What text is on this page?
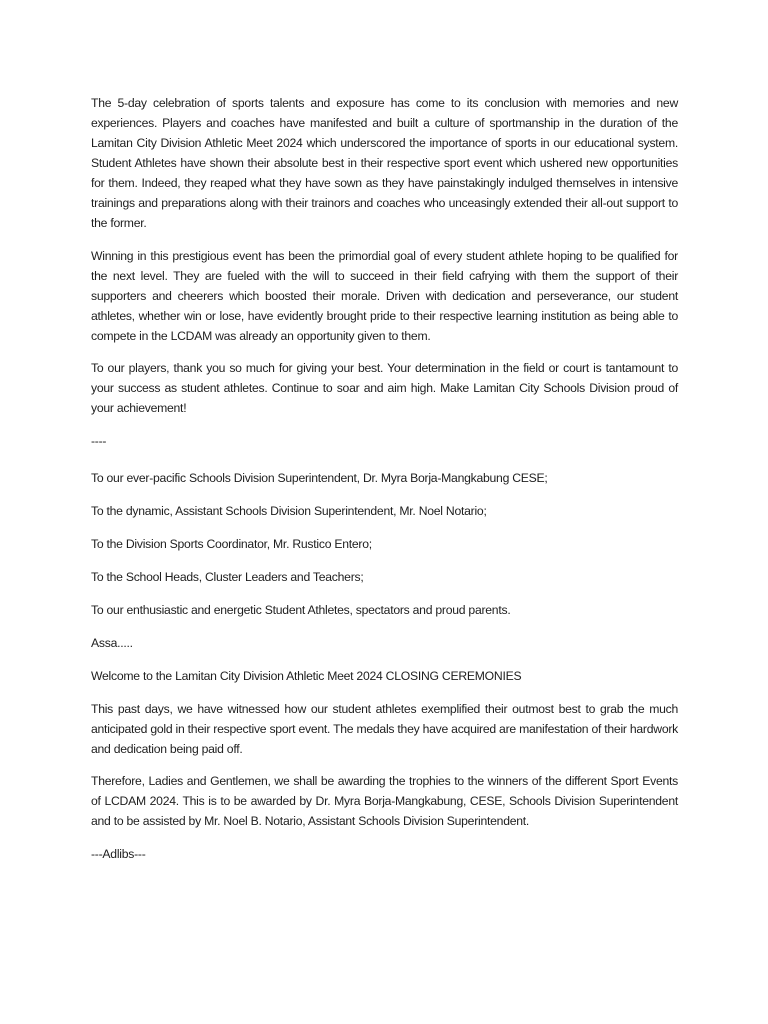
The 5-day celebration of sports talents and exposure has come to its conclusion with memories and new experiences. Players and coaches have manifested and built a culture of sportmanship in the duration of the Lamitan City Division Athletic Meet 2024 which underscored the importance of sports in our educational system. Student Athletes have shown their absolute best in their respective sport event which ushered new opportunities for them. Indeed, they reaped what they have sown as they have painstakingly indulged themselves in intensive trainings and preparations along with their trainors and coaches who unceasingly extended their all-out support to the former.

Winning in this prestigious event has been the primordial goal of every student athlete hoping to be qualified for the next level. They are fueled with the will to succeed in their field cafrying with them the support of their supporters and cheerers which boosted their morale. Driven with dedication and perseverance, our student athletes, whether win or lose, have evidently brought pride to their respective learning institution as being able to compete in the LCDAM was already an opportunity given to them.

To our players, thank you so much for giving your best. Your determination in the field or court is tantamount to your success as student athletes. Continue to soar and aim high. Make Lamitan City Schools Division proud of your achievement!

----

To our ever-pacific Schools Division Superintendent, Dr. Myra Borja-Mangkabung CESE;

To the dynamic, Assistant Schools Division Superintendent, Mr. Noel Notario;

To the Division Sports Coordinator, Mr. Rustico Entero;

To the School Heads, Cluster Leaders and Teachers;

To our enthusiastic and energetic Student Athletes, spectators and proud parents.

Assa.....

Welcome to the Lamitan City Division Athletic Meet 2024 CLOSING CEREMONIES

This past days, we have witnessed how our student athletes exemplified their outmost best to grab the much anticipated gold in their respective sport event. The medals they have acquired are manifestation of their hardwork and dedication being paid off.

Therefore, Ladies and Gentlemen, we shall be awarding the trophies to the winners of the different Sport Events of LCDAM 2024. This is to be awarded by Dr. Myra Borja-Mangkabung, CESE, Schools Division Superintendent and to be assisted by Mr. Noel B. Notario, Assistant Schools Division Superintendent.

---Adlibs---
